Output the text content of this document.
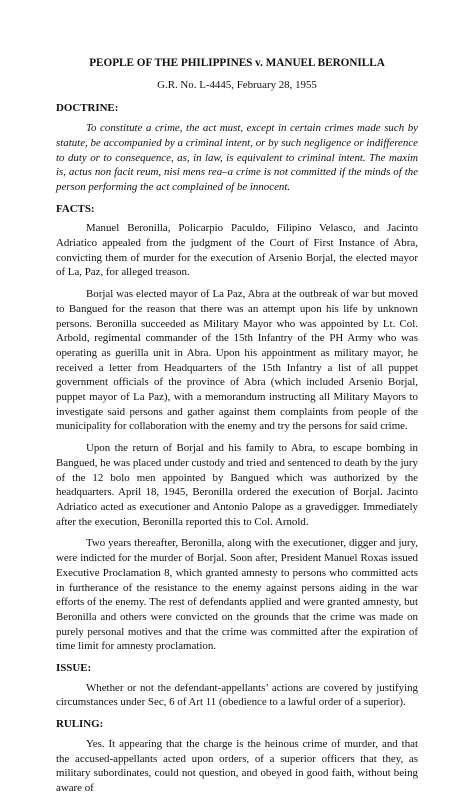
PEOPLE OF THE PHILIPPINES v. MANUEL BERONILLA
G.R. No. L-4445, February 28, 1955
DOCTRINE:

To constitute a crime, the act must, except in certain crimes made such by statute, be accompanied by a criminal intent, or by such negligence or indifference to duty or to consequence, as, in law, is equivalent to criminal intent. The maxim is, actus non facit reum, nisi mens rea–a crime is not committed if the minds of the person performing the act complained of be innocent.

FACTS:

Manuel Beronilla, Policarpio Paculdo, Filipino Velasco, and Jacinto Adriatico appealed from the judgment of the Court of First Instance of Abra, convicting them of murder for the execution of Arsenio Borjal, the elected mayor of La, Paz, for alleged treason.

Borjal was elected mayor of La Paz, Abra at the outbreak of war but moved to Bangued for the reason that there was an attempt upon his life by unknown persons. Beronilla succeeded as Military Mayor who was appointed by Lt. Col. Arbold, regimental commander of the 15th Infantry of the PH Army who was operating as guerilla unit in Abra. Upon his appointment as military mayor, he received a letter from Headquarters of the 15th Infantry a list of all puppet government officials of the province of Abra (which included Arsenio Borjal, puppet mayor of La Paz), with a memorandum instructing all Military Mayors to investigate said persons and gather against them complaints from people of the municipality for collaboration with the enemy and try the persons for said crime.

Upon the return of Borjal and his family to Abra, to escape bombing in Bangued, he was placed under custody and tried and sentenced to death by the jury of the 12 bolo men appointed by Bangued which was authorized by the headquarters. April 18, 1945, Beronilla ordered the execution of Borjal. Jacinto Adriatico acted as executioner and Antonio Palope as a gravedigger. Immediately after the execution, Beronilla reported this to Col. Arnold.

Two years thereafter, Beronilla, along with the executioner, digger and jury, were indicted for the murder of Borjal. Soon after, President Manuel Roxas issued Executive Proclamation 8, which granted amnesty to persons who committed acts in furtherance of the resistance to the enemy against persons aiding in the war efforts of the enemy. The rest of defendants applied and were granted amnesty, but Beronilla and others were convicted on the grounds that the crime was made on purely personal motives and that the crime was committed after the expiration of time limit for amnesty proclamation.

ISSUE:

Whether or not the defendant-appellants’ actions are covered by justifying circumstances under Sec, 6 of Art 11 (obedience to a lawful order of a superior).

RULING:

Yes. It appearing that the charge is the heinous crime of murder, and that the accused-appellants acted upon orders, of a superior officers that they, as military subordinates, could not question, and obeyed in good faith, without being aware of
